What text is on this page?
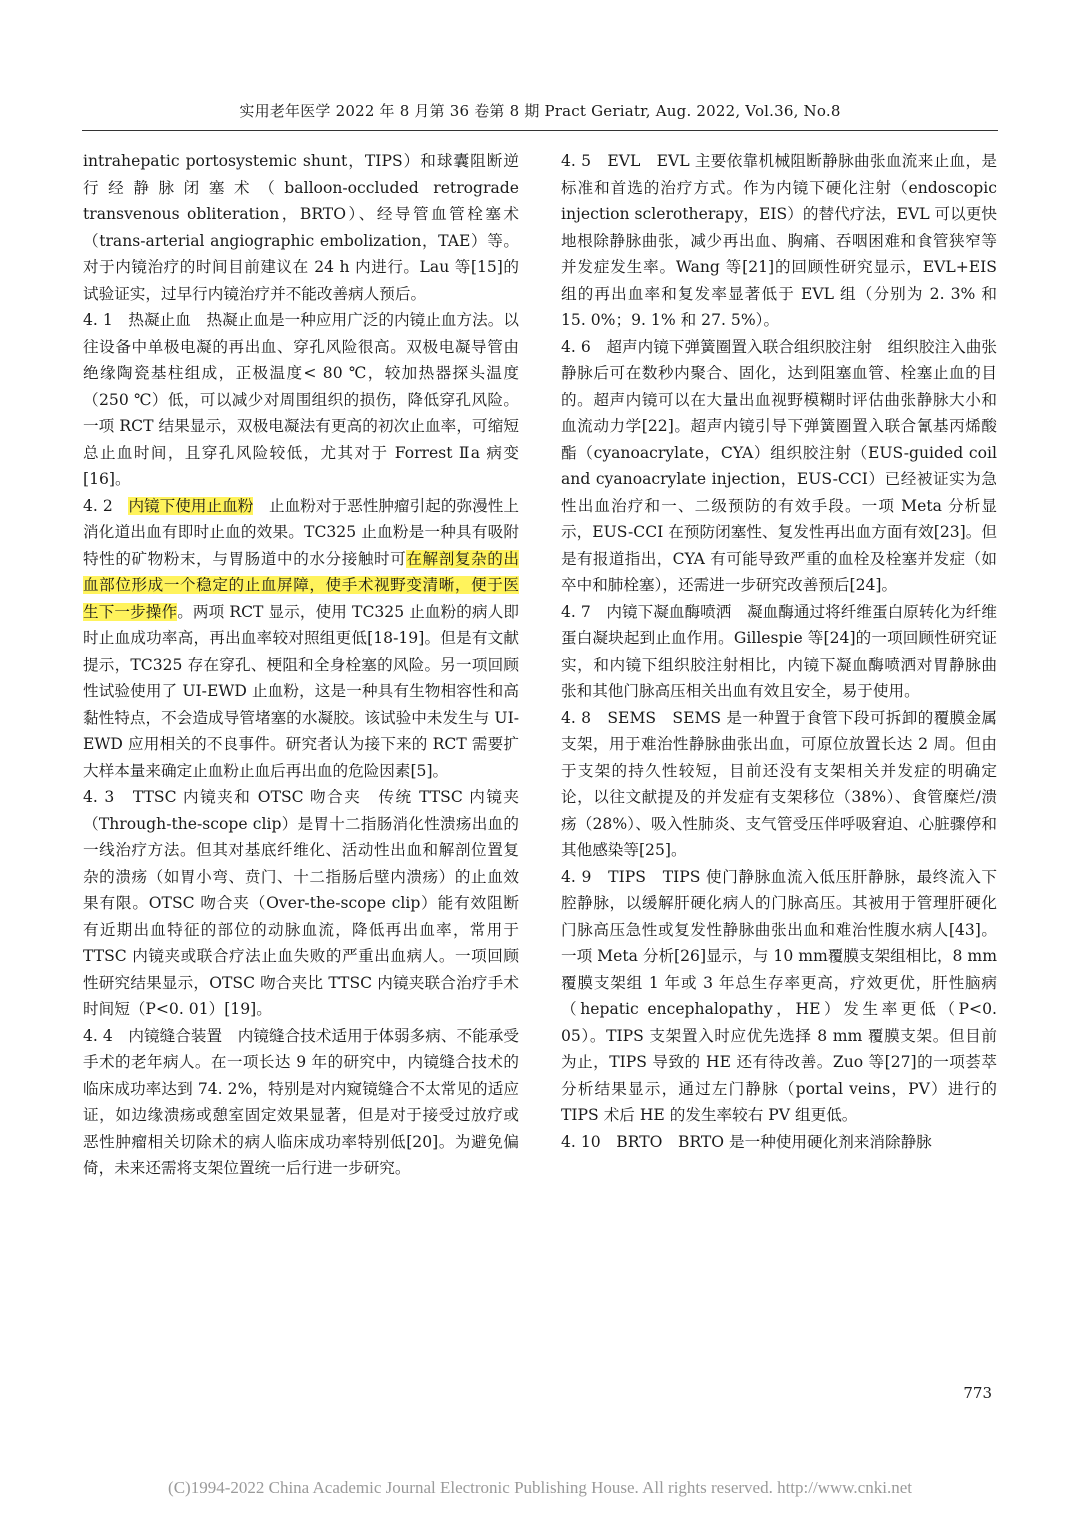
实用老年医学 2022 年 8 月第 36 卷第 8 期 Pract Geriatr, Aug. 2022, Vol.36, No.8

intrahepatic portosystemic shunt，TIPS）和球囊阻断逆行经静脉闭塞术（balloon-occluded retrograde transvenous obliteration，BRTO）、经导管血管栓塞术（trans-arterial angiographic embolization，TAE）等。对于内镜治疗的时间目前建议在 24 h 内进行。Lau 等[15]的试验证实，过早行内镜治疗并不能改善病人预后。

4. 1　热凝止血　热凝止血是一种应用广泛的内镜止血方法。以往设备中单极电凝的再出血、穿孔风险很高。双极电凝导管由绝缘陶瓷基柱组成，正极温度< 80 ℃，较加热器探头温度（250 ℃）低，可以减少对周围组织的损伤，降低穿孔风险。一项 RCT 结果显示，双极电凝法有更高的初次止血率，可缩短总止血时间，且穿孔风险较低，尤其对于 Forrest Ⅱa 病变[16]。

4. 2　内镜下使用止血粉　止血粉对于恶性肿瘤引起的弥漫性上消化道出血有即时止血的效果。TC325 止血粉是一种具有吸附特性的矿物粉末，与胃肠道中的水分接触时可在解剖复杂的出血部位形成一个稳定的止血屏障，使手术视野变清晰，便于医生下一步操作。两项 RCT 显示，使用 TC325 止血粉的病人即时止血成功率高，再出血率较对照组更低[18-19]。但是有文献提示，TC325 存在穿孔、梗阻和全身栓塞的风险。另一项回顾性试验使用了 UI-EWD 止血粉，这是一种具有生物相容性和高黏性特点，不会造成导管堵塞的水凝胶。该试验中未发生与 UI-EWD 应用相关的不良事件。研究者认为接下来的 RCT 需要扩大样本量来确定止血粉止血后再出血的危险因素[5]。

4. 3　TTSC 内镜夹和 OTSC 吻合夹　传统 TTSC 内镜夹（Through-the-scope clip）是胃十二指肠消化性溃疡出血的一线治疗方法。但其对基底纤维化、活动性出血和解剖位置复杂的溃疡（如胃小弯、贲门、十二指肠后壁内溃疡）的止血效果有限。OTSC 吻合夹（Over-the-scope clip）能有效阻断有近期出血特征的部位的动脉血流，降低再出血率，常用于 TTSC 内镜夹或联合疗法止血失败的严重出血病人。一项回顾性研究结果显示，OTSC 吻合夹比 TTSC 内镜夹联合治疗手术时间短（P<0. 01）[19]。

4. 4　内镜缝合装置　内镜缝合技术适用于体弱多病、不能承受手术的老年病人。在一项长达 9 年的研究中，内镜缝合技术的临床成功率达到 74. 2%，特别是对内窥镜缝合不太常见的适应证，如边缘溃疡或憩室固定效果显著，但是对于接受过放疗或恶性肿瘤相关切除术的病人临床成功率特别低[20]。为避免偏倚，未来还需将支架位置统一后行进一步研究。

4. 5　EVL　EVL 主要依靠机械阻断静脉曲张血流来止血，是标准和首选的治疗方式。作为内镜下硬化注射（endoscopic injection sclerotherapy，EIS）的替代疗法，EVL 可以更快地根除静脉曲张，减少再出血、胸痛、吞咽困难和食管狭窄等并发症发生率。Wang 等[21]的回顾性研究显示，EVL+EIS 组的再出血率和复发率显著低于 EVL 组（分别为 2. 3% 和 15. 0%；9. 1% 和 27. 5%）。

4. 6　超声内镜下弹簧圈置入联合组织胶注射　组织胶注入曲张静脉后可在数秒内聚合、固化，达到阻塞血管、栓塞止血的目的。超声内镜可以在大量出血视野模糊时评估曲张静脉大小和血流动力学[22]。超声内镜引导下弹簧圈置入联合氰基丙烯酸酯（cyanoacrylate，CYA）组织胶注射（EUS-guided coil and cyanoacrylate injection，EUS-CCI）已经被证实为急性出血治疗和一、二级预防的有效手段。一项 Meta 分析显示，EUS-CCI 在预防闭塞性、复发性再出血方面有效[23]。但是有报道指出，CYA 有可能导致严重的血栓及栓塞并发症（如卒中和肺栓塞），还需进一步研究改善预后[24]。

4. 7　内镜下凝血酶喷洒　凝血酶通过将纤维蛋白原转化为纤维蛋白凝块起到止血作用。Gillespie 等[24]的一项回顾性研究证实，和内镜下组织胶注射相比，内镜下凝血酶喷洒对胃静脉曲张和其他门脉高压相关出血有效且安全，易于使用。

4. 8　SEMS　SEMS 是一种置于食管下段可拆卸的覆膜金属支架，用于难治性静脉曲张出血，可原位放置长达 2 周。但由于支架的持久性较短，目前还没有支架相关并发症的明确定论，以往文献提及的并发症有支架移位（38%）、食管糜烂/溃疡（28%）、吸入性肺炎、支气管受压伴呼吸窘迫、心脏骤停和其他感染等[25]。

4. 9　TIPS　TIPS 使门静脉血流入低压肝静脉，最终流入下腔静脉，以缓解肝硬化病人的门脉高压。其被用于管理肝硬化门脉高压急性或复发性静脉曲张出血和难治性腹水病人[43]。一项 Meta 分析[26]显示，与 10 mm覆膜支架组相比，8 mm 覆膜支架组 1 年或 3 年总生存率更高，疗效更优，肝性脑病（hepatic encephalopathy，HE）发生率更低（P<0. 05）。TIPS 支架置入时应优先选择 8 mm 覆膜支架。但目前为止，TIPS 导致的 HE 还有待改善。Zuo 等[27]的一项荟萃分析结果显示，通过左门静脉（portal veins，PV）进行的 TIPS 术后 HE 的发生率较右 PV 组更低。

4. 10　BRTO　BRTO 是一种使用硬化剂来消除静脉

773
(C)1994-2022 China Academic Journal Electronic Publishing House. All rights reserved. http://www.cnki.net
